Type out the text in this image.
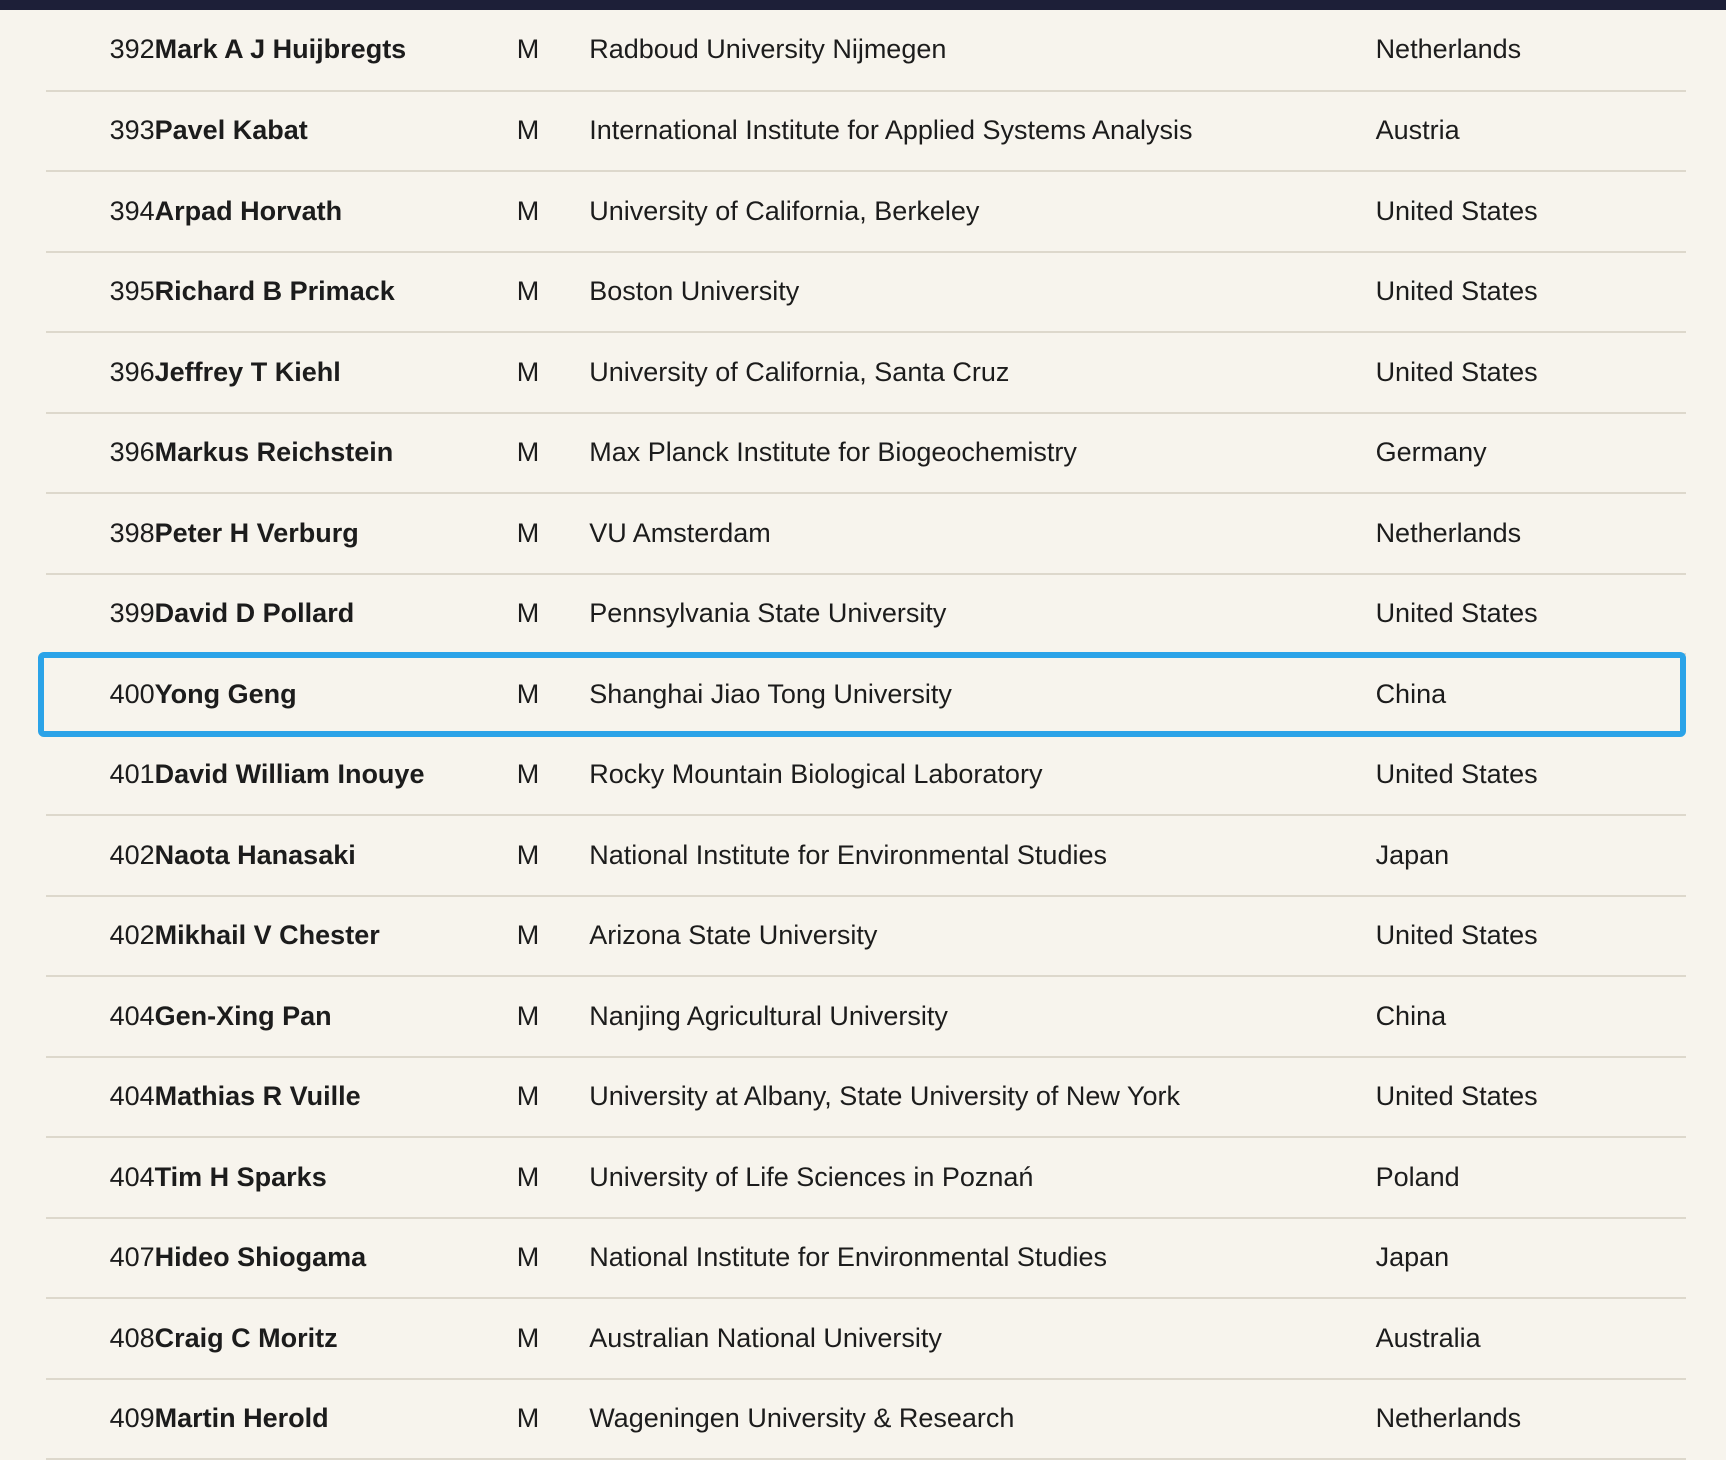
392	Mark A J Huijbregts	M	Radboud University Nijmegen	Netherlands
393	Pavel Kabat	M	International Institute for Applied Systems Analysis	Austria
394	Arpad Horvath	M	University of California, Berkeley	United States
395	Richard B Primack	M	Boston University	United States
396	Jeffrey T Kiehl	M	University of California, Santa Cruz	United States
396	Markus Reichstein	M	Max Planck Institute for Biogeochemistry	Germany
398	Peter H Verburg	M	VU Amsterdam	Netherlands
399	David D Pollard	M	Pennsylvania State University	United States
400	Yong Geng	M	Shanghai Jiao Tong University	China
401	David William Inouye	M	Rocky Mountain Biological Laboratory	United States
402	Naota Hanasaki	M	National Institute for Environmental Studies	Japan
402	Mikhail V Chester	M	Arizona State University	United States
404	Gen-Xing Pan	M	Nanjing Agricultural University	China
404	Mathias R Vuille	M	University at Albany, State University of New York	United States
404	Tim H Sparks	M	University of Life Sciences in Poznań	Poland
407	Hideo Shiogama	M	National Institute for Environmental Studies	Japan
408	Craig C Moritz	M	Australian National University	Australia
409	Martin Herold	M	Wageningen University & Research	Netherlands
